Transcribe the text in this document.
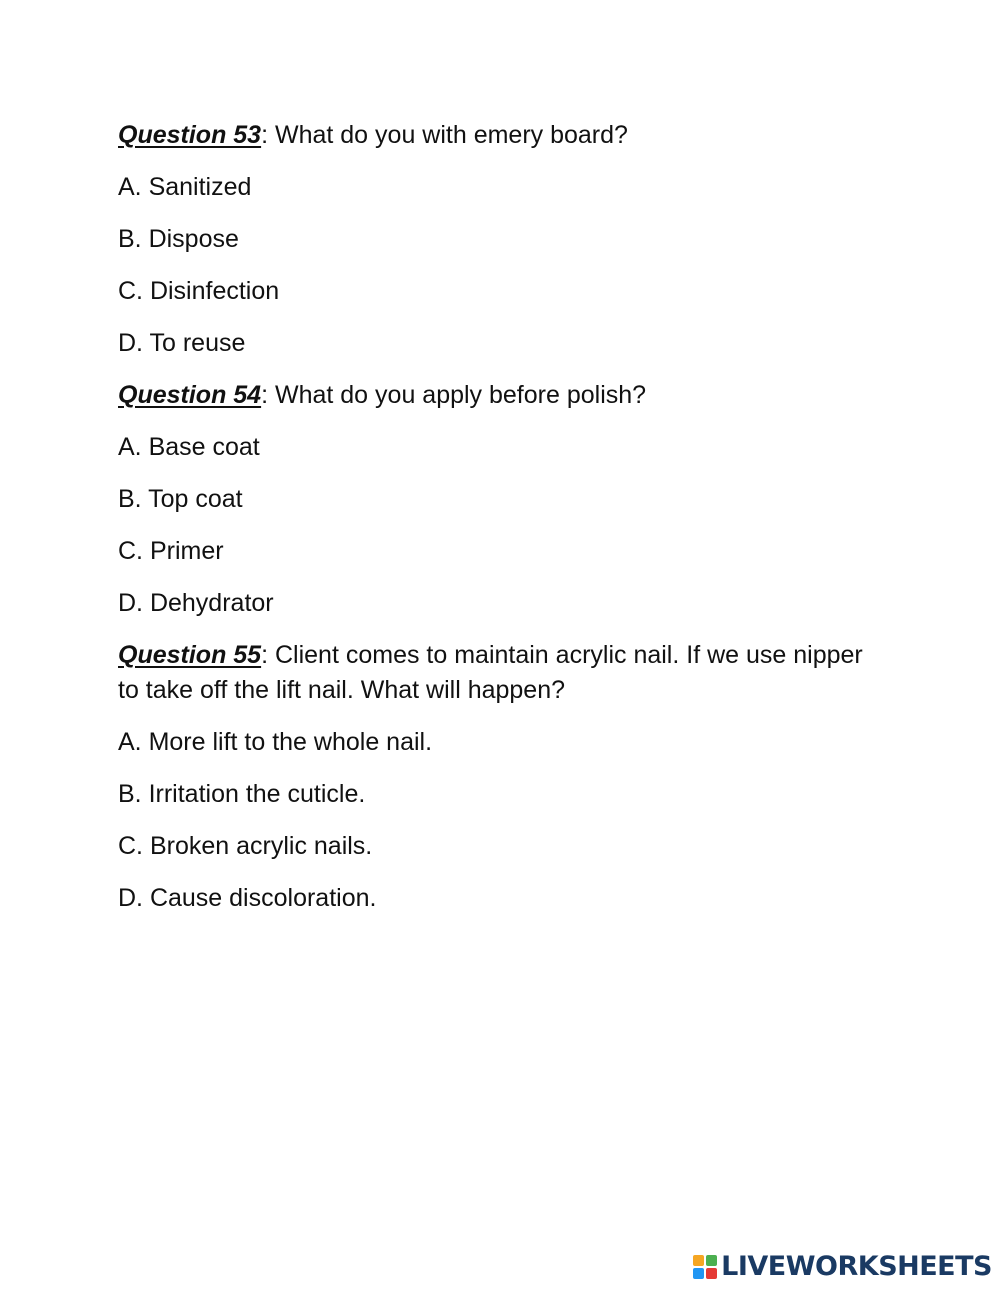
Question 53: What do you with emery board?

A. Sanitized

B. Dispose

C. Disinfection

D. To reuse

Question 54: What do you apply before polish?

A. Base coat

B. Top coat

C. Primer

D. Dehydrator

Question 55: Client comes to maintain acrylic nail. If we use nipper to take off the lift nail. What will happen?

A. More lift to the whole nail.

B. Irritation the cuticle.

C. Broken acrylic nails.

D. Cause discoloration.

LIVEWORKSHEETS
